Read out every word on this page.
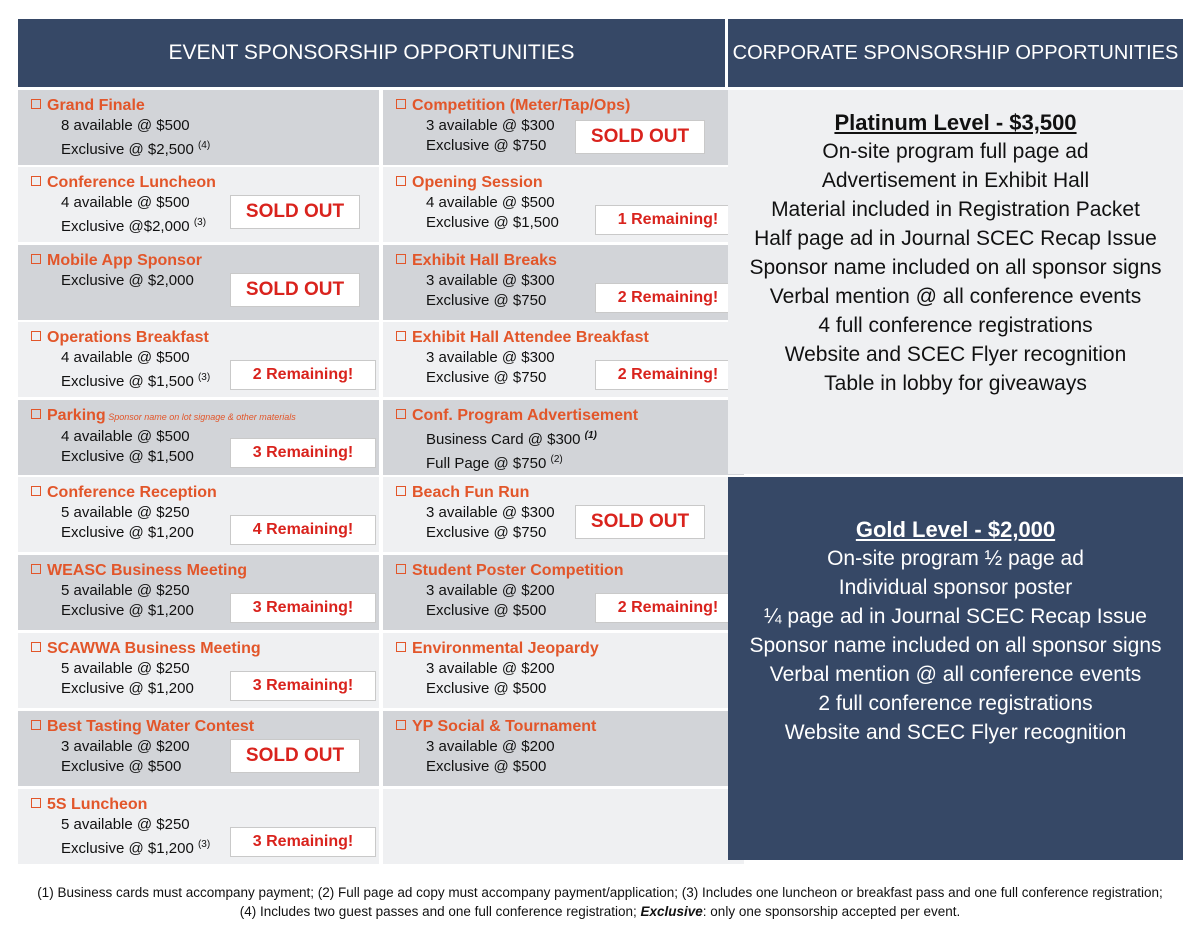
EVENT SPONSORSHIP OPPORTUNITIES	CORPORATE SPONSORSHIP OPPORTUNITIES
Grand Finale
8 available @ $500
Exclusive @ $2,500 $^{(4)}$
Competition (Meter/Tap/Ops)
3 available @ $300
Exclusive @ $750	SOLD OUT
Conference Luncheon
4 available @ $500
Exclusive @$2,000 $^{(3)}$
SOLD OUT
Opening Session
4 available @ $500
Exclusive @ $1,500	1 Remaining!
Mobile App Sponsor
Exclusive @ $2,000	SOLD OUT
Exhibit Hall Breaks
3 available @ $300
Exclusive @ $750	2 Remaining!
Operations Breakfast
4 available @ $500
Exclusive @ $1,500 $^{(3)}$	2 Remaining!
Exhibit Hall Attendee Breakfast
3 available @ $300
Exclusive @ $750	2 Remaining!
Parking Sponsor name on lot signage & other materials
4 available @ $500
Exclusive @ $1,500	3 Remaining!
Conf. Program Advertisement
Business Card @ $300 $^{(1)}$
Full Page @ $750 $^{(2)}$
Conference Reception
5 available @ $250
Exclusive @ $1,200	4 Remaining!
Beach Fun Run
3 available @ $300
Exclusive @ $750
SOLD OUT
WEASC Business Meeting
5 available @ $250
Exclusive @ $1,200	3 Remaining!
Student Poster Competition
3 available @ $200
Exclusive @ $500	2 Remaining!
SCAWWA Business Meeting
5 available @ $250
Exclusive @ $1,200	3 Remaining!
Environmental Jeopardy
3 available @ $200
Exclusive @ $500
Best Tasting Water Contest
3 available @ $200
Exclusive @ $500
SOLD OUT
YP Social & Tournament
3 available @ $200
Exclusive @ $500
5S Luncheon
5 available @ $250
Exclusive @ $1,200 $^{(3)}$	3 Remaining!
Platinum Level - $3,500
On-site program full page ad
Advertisement in Exhibit Hall
Material included in Registration Packet
Half page ad in Journal SCEC Recap Issue
Sponsor name included on all sponsor signs
Verbal mention @ all conference events
4 full conference registrations
Website and SCEC Flyer recognition
Table in lobby for giveaways
Gold Level - $2,000
On-site program ½ page ad
Individual sponsor poster
¼ page ad in Journal SCEC Recap Issue
Sponsor name included on all sponsor signs
Verbal mention @ all conference events
2 full conference registrations
Website and SCEC Flyer recognition
(1) Business cards must accompany payment; (2) Full page ad copy must accompany payment/application; (3) Includes one luncheon or breakfast pass and one full conference registration; (4) Includes two guest passes and one full conference registration; Exclusive: only one sponsorship accepted per event.
